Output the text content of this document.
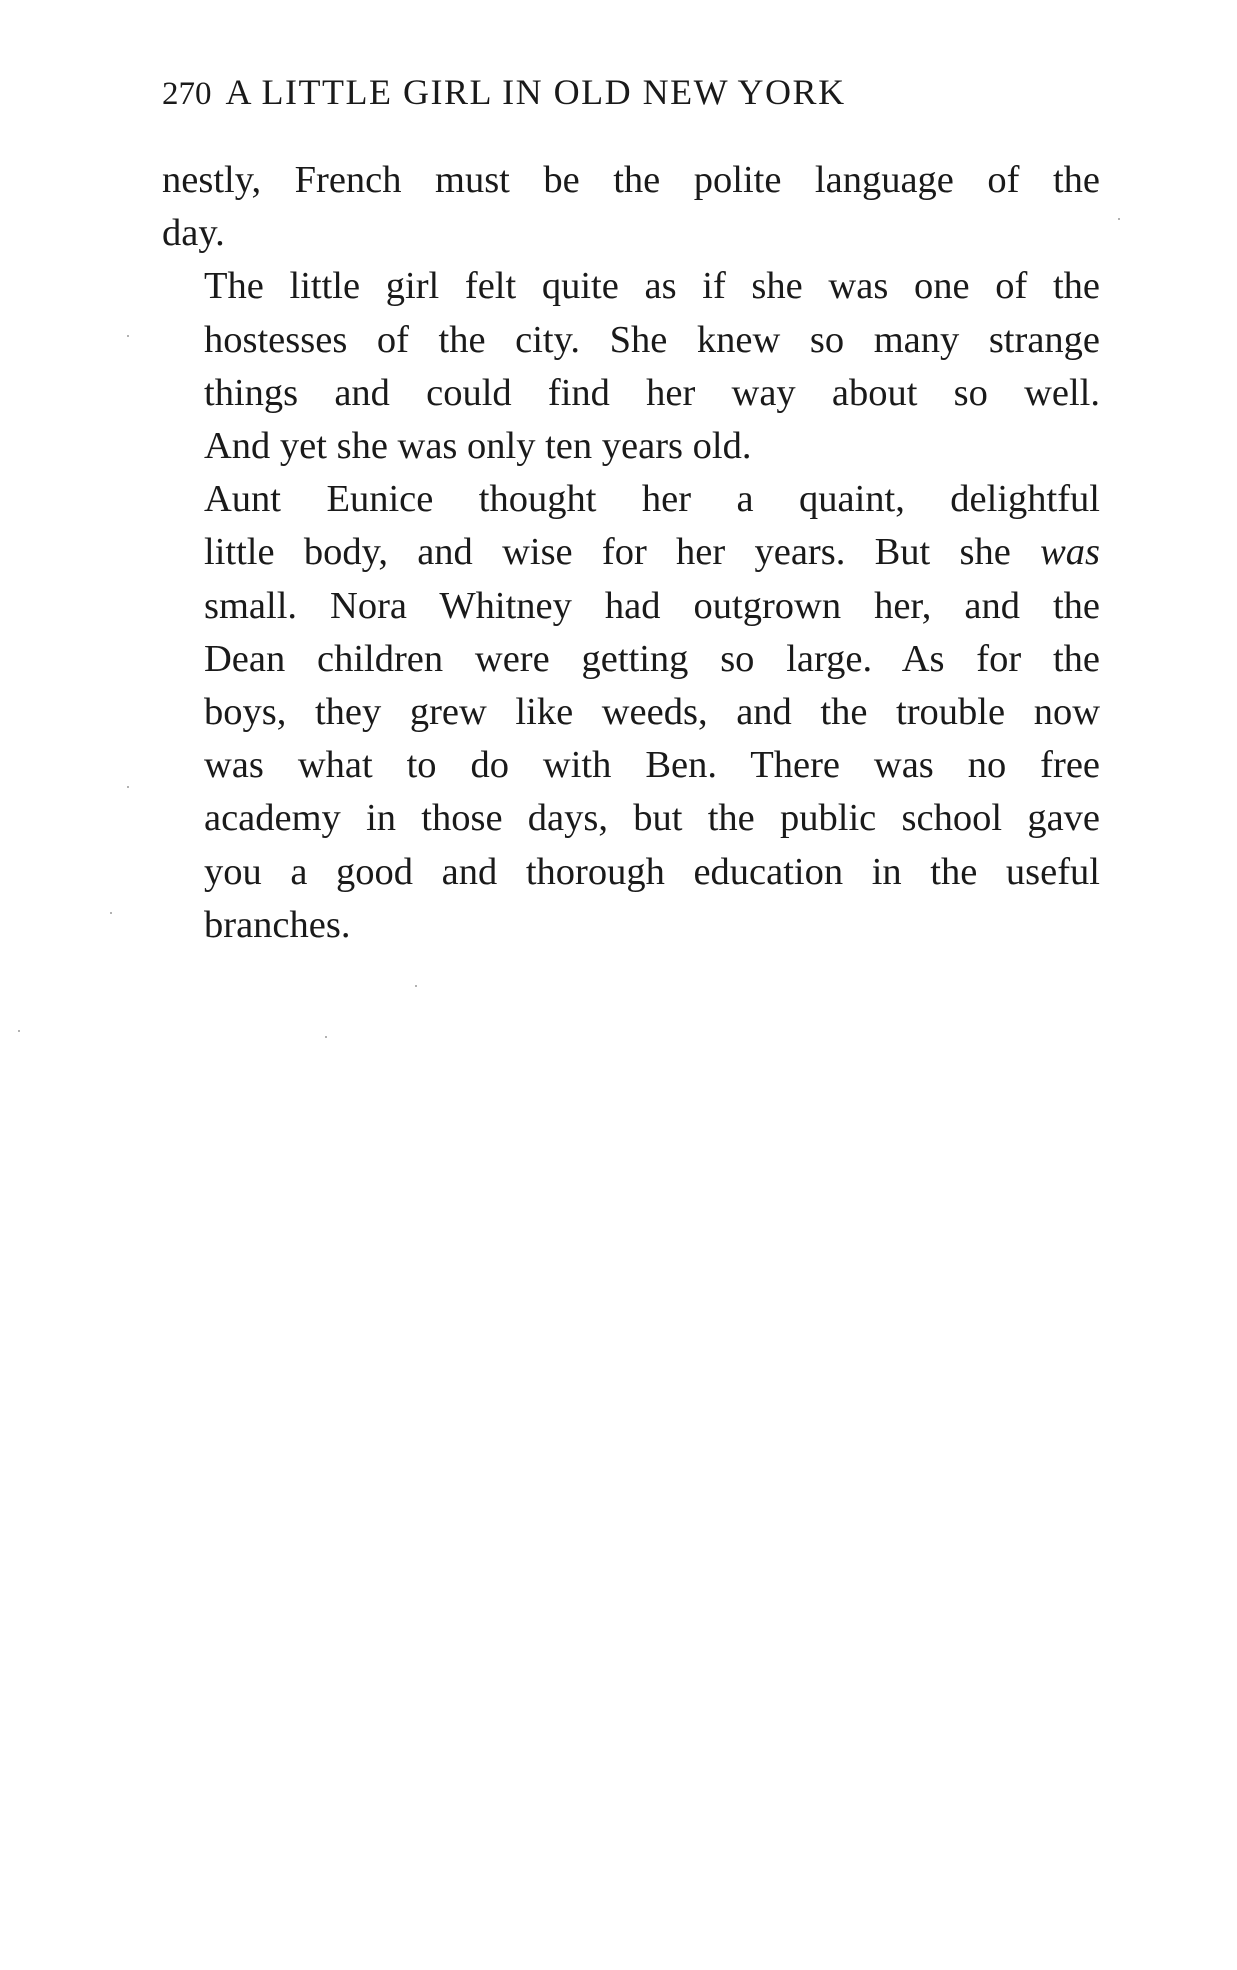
270 A LITTLE GIRL IN OLD NEW YORK

nestly, French must be the polite language of the
day.

The little girl felt quite as if she was one of the
hostesses of the city. She knew so many strange
things and could find her way about so well.
And yet she was only ten years old.

Aunt Eunice thought her a quaint, delightful
little body, and wise for her years. But she was
small. Nora Whitney had outgrown her, and the
Dean children were getting so large. As for the
boys, they grew like weeds, and the trouble now
was what to do with Ben. There was no free
academy in those days, but the public school gave
you a good and thorough education in the useful
branches.
